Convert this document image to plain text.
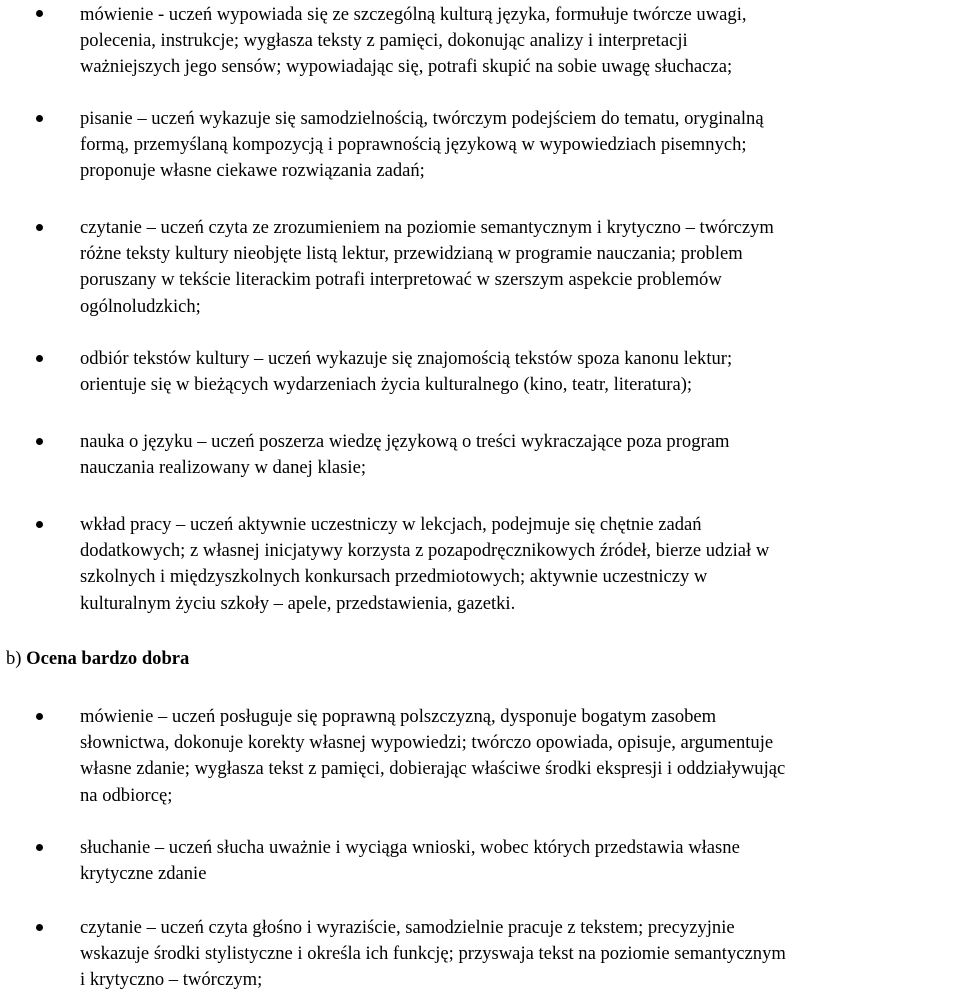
mówienie - uczeń wypowiada się ze szczególną kulturą języka, formułuje twórcze uwagi,
polecenia, instrukcje; wygłasza teksty z pamięci, dokonując analizy i interpretacji
ważniejszych jego sensów; wypowiadając się, potrafi skupić na sobie uwagę słuchacza;
pisanie – uczeń wykazuje się samodzielnością, twórczym podejściem do tematu, oryginalną
formą, przemyślaną kompozycją i poprawnością językową w wypowiedziach pisemnych;
proponuje własne ciekawe rozwiązania zadań;
czytanie – uczeń czyta ze zrozumieniem na poziomie semantycznym i krytyczno – twórczym
różne teksty kultury nieobjęte listą lektur, przewidzianą w programie nauczania; problem
poruszany w tekście literackim potrafi interpretować w szerszym aspekcie problemów
ogólnoludzkich;
odbiór tekstów kultury – uczeń wykazuje się znajomością tekstów spoza kanonu lektur;
orientuje się w bieżących wydarzeniach życia kulturalnego (kino, teatr, literatura);
nauka o języku – uczeń poszerza wiedzę językową o treści wykraczające poza program
nauczania realizowany w danej klasie;
wkład pracy – uczeń aktywnie uczestniczy w lekcjach, podejmuje się chętnie zadań
dodatkowych; z własnej inicjatywy korzysta z pozapodręcznikowych źródeł, bierze udział w
szkolnych i międzyszkolnych konkursach przedmiotowych; aktywnie uczestniczy w
kulturalnym życiu szkoły – apele, przedstawienia, gazetki.
b) Ocena bardzo dobra
mówienie – uczeń posługuje się poprawną polszczyzną, dysponuje bogatym zasobem
słownictwa, dokonuje korekty własnej wypowiedzi; twórczo opowiada, opisuje, argumentuje
własne zdanie; wygłasza tekst z pamięci, dobierając właściwe środki ekspresji i oddziaływując
na odbiorcę;
słuchanie – uczeń słucha uważnie i wyciąga wnioski, wobec których przedstawia własne
krytyczne zdanie
czytanie – uczeń czyta głośno i wyraziście, samodzielnie pracuje z tekstem; precyzyjnie
wskazuje środki stylistyczne i określa ich funkcję; przyswaja tekst na poziomie semantycznym
i krytyczno – twórczym;
